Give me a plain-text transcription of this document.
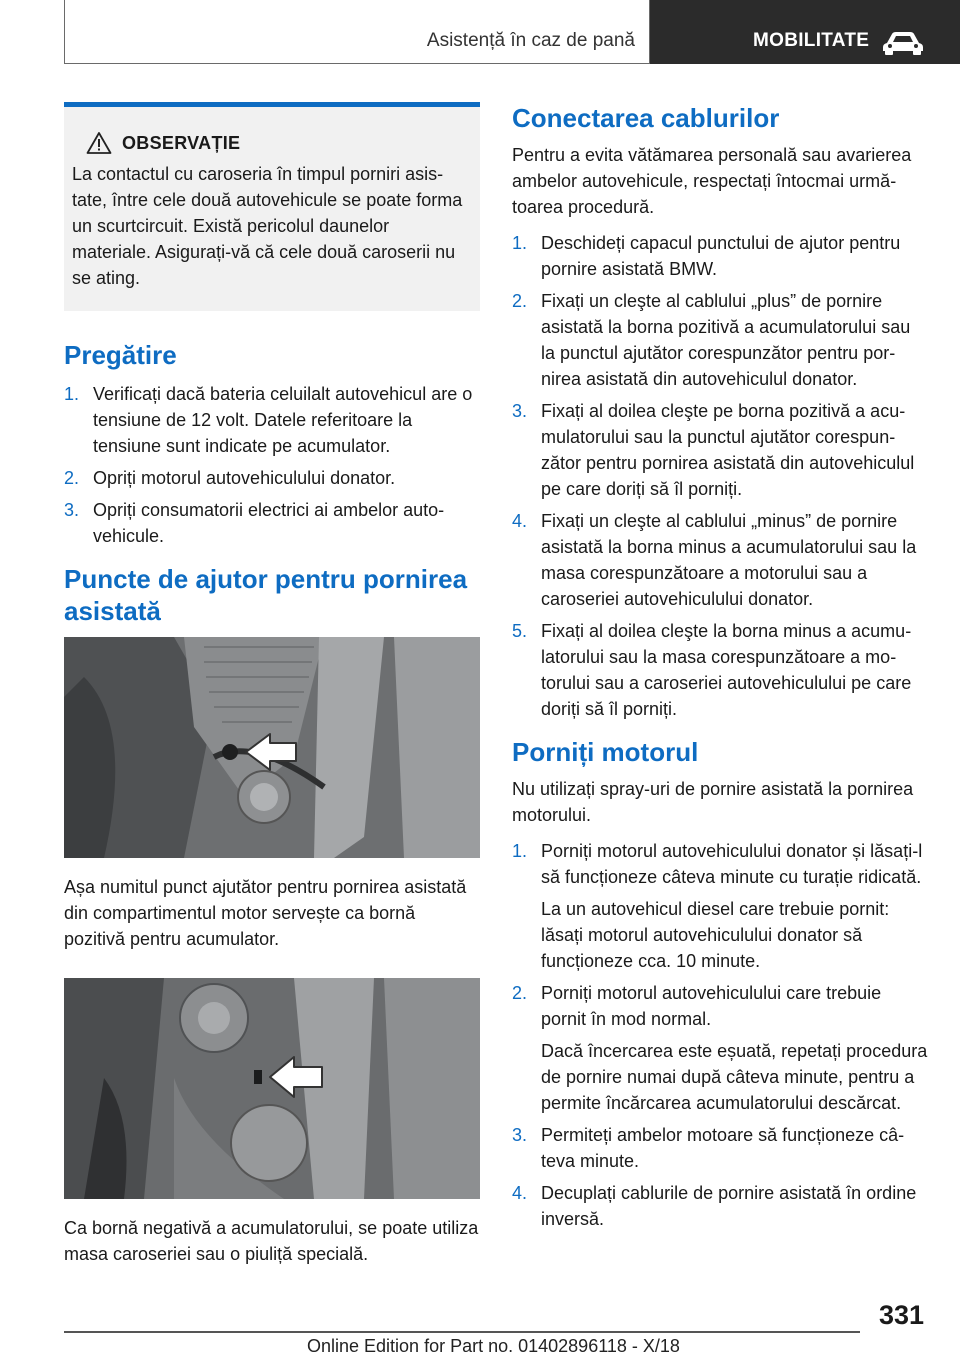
Asistență în caz de pană	MOBILITATE
OBSERVAȚIE

La contactul cu caroseria în timpul porniri asistate, între cele două autovehicule se poate forma un scurtcircuit. Există pericolul daunelor materiale. Asigurați-vă că cele două caroserii nu se ating.

Pregătire
1. Verificați dacă bateria celuilalt autovehicul are o tensiune de 12 volt. Datele referitoare la tensiune sunt indicate pe acumulator.
2. Opriți motorul autovehiculului donator.
3. Opriți consumatorii electrici ai ambelor autovehicule.
Puncte de ajutor pentru pornirea asistată

Așa numitul punct ajutător pentru pornirea asistată din compartimentul motor servește ca bornă pozitivă pentru acumulator.

Ca bornă negativă a acumulatorului, se poate utiliza masa caroseriei sau o piuliță specială.

Conectarea cablurilor

Pentru a evita vătămarea personală sau avarierea ambelor autovehicule, respectați întocmai următoarea procedură.

1. Deschideți capacul punctului de ajutor pentru pornire asistată BMW.
2. Fixați un cleşte al cablului „plus” de pornire asistată la borna pozitivă a acumulatorului sau la punctul ajutător corespunzător pentru pornirea asistată din autovehiculul donator.
3. Fixați al doilea cleşte pe borna pozitivă a acumulatorului sau la punctul ajutător corespunzător pentru pornirea asistată din autovehiculul pe care doriți să îl porniți.
4. Fixați un cleşte al cablului „minus” de pornire asistată la borna minus a acumulatorului sau la masa corespunzătoare a motorului sau a caroseriei autovehiculului donator.
5. Fixați al doilea cleşte la borna minus a acumulatorului sau la masa corespunzătoare a motorului sau a caroseriei autovehiculului pe care doriți să îl porniți.
Porniți motorul

Nu utilizați spray-uri de pornire asistată la pornirea motorului.

1. Porniți motorul autovehiculului donator și lăsați-l să funcționeze câteva minute cu turație ridicată.
La un autovehicul diesel care trebuie pornit: lăsați motorul autovehiculului donator să funcționeze cca. 10 minute.
2. Porniți motorul autovehiculului care trebuie pornit în mod normal.
Dacă încercarea este eșuată, repetați procedura de pornire numai după câteva minute, pentru a permite încărcarea acumulatorului descărcat.
3. Permiteți ambelor motoare să funcționeze câteva minute.
4. Decuplați cablurile de pornire asistată în ordine inversă.
331
Online Edition for Part no. 01402896118 - X/18
